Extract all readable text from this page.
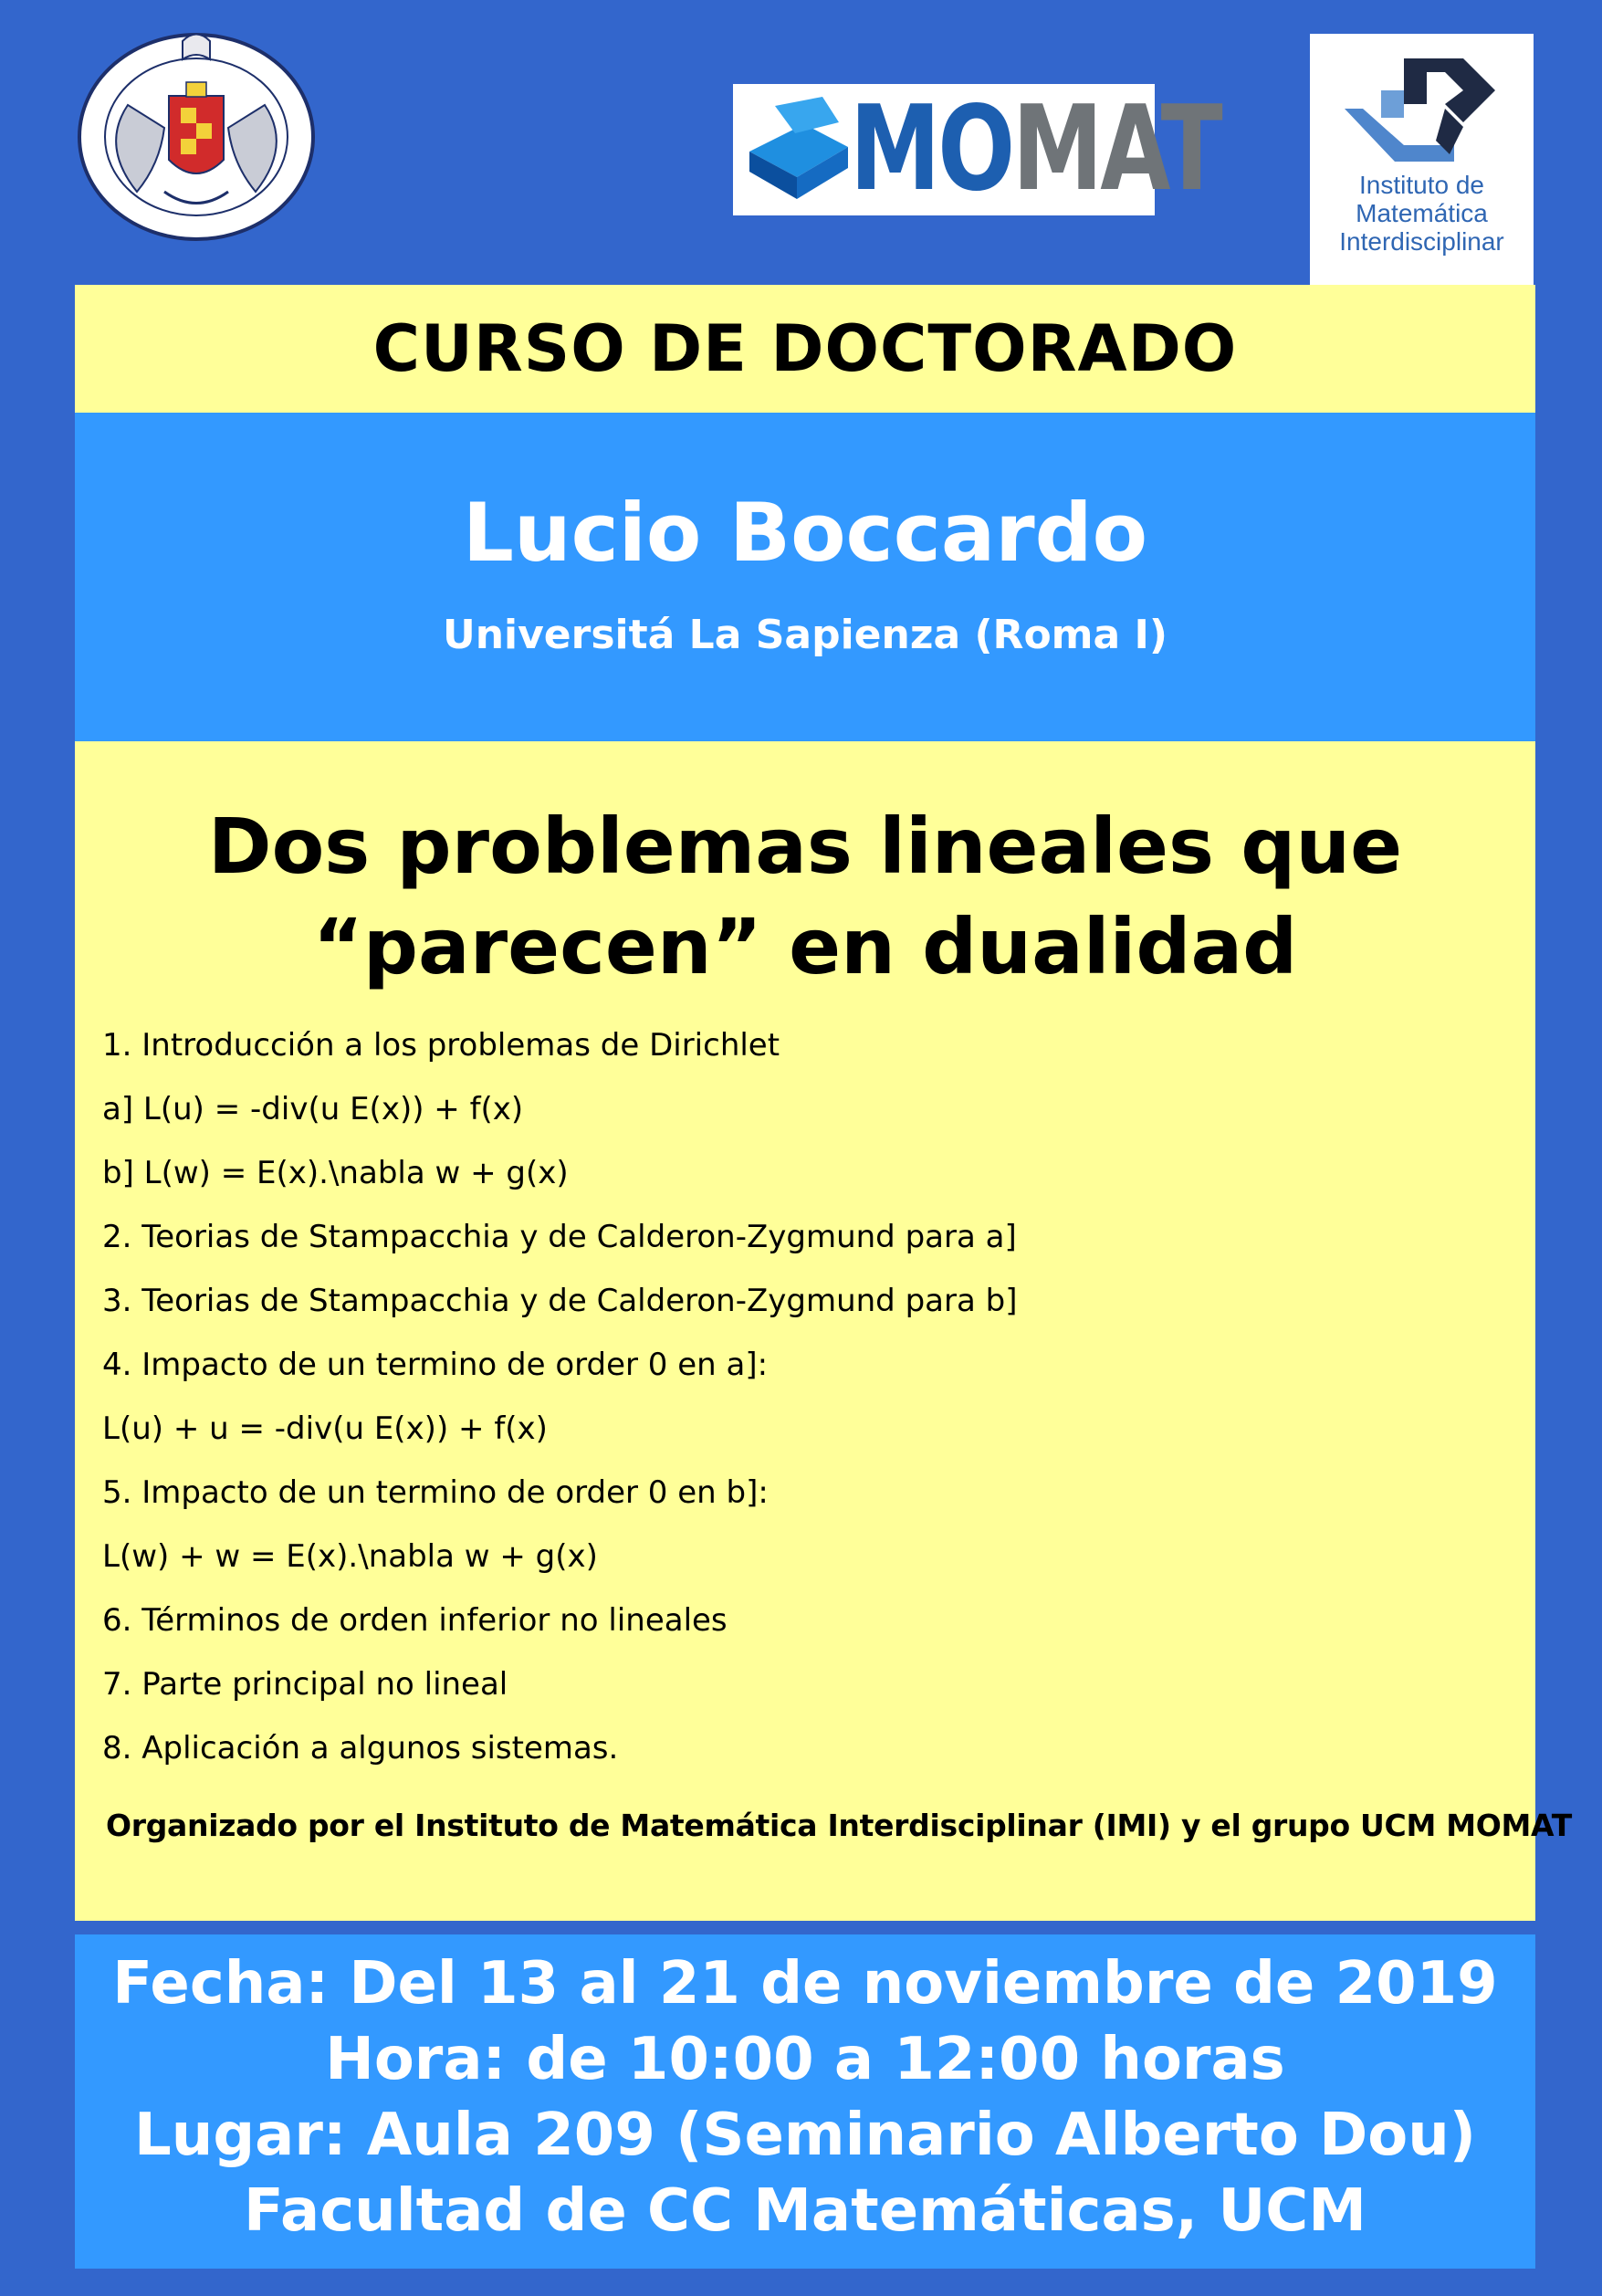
MOMAT	Instituto de
Matemática
Interdisciplinar
CURSO DE DOCTORADO
Lucio Boccardo
Universitá La Sapienza (Roma I)
Dos problemas lineales que
“parecen” en dualidad
1. Introducción a los problemas de Dirichlet
a] L(u) = -div(u E(x)) + f(x)
b] L(w) = E(x).\nabla w + g(x)
2. Teorias de Stampacchia y de Calderon-Zygmund para a]
3. Teorias de Stampacchia y de Calderon-Zygmund para b]
4. Impacto de un termino de order 0 en a]:
L(u) + u = -div(u E(x)) + f(x)
5. Impacto de un termino de order 0 en b]:
L(w) + w = E(x).\nabla w + g(x)
6. Términos de orden inferior no lineales
7. Parte principal no lineal
8. Aplicación a algunos sistemas.
Organizado por el Instituto de Matemática Interdisciplinar (IMI) y el grupo UCM MOMAT
Fecha: Del 13 al 21 de noviembre de 2019
Hora: de 10:00 a 12:00 horas
Lugar: Aula 209 (Seminario Alberto Dou)
Facultad de CC Matemáticas, UCM
